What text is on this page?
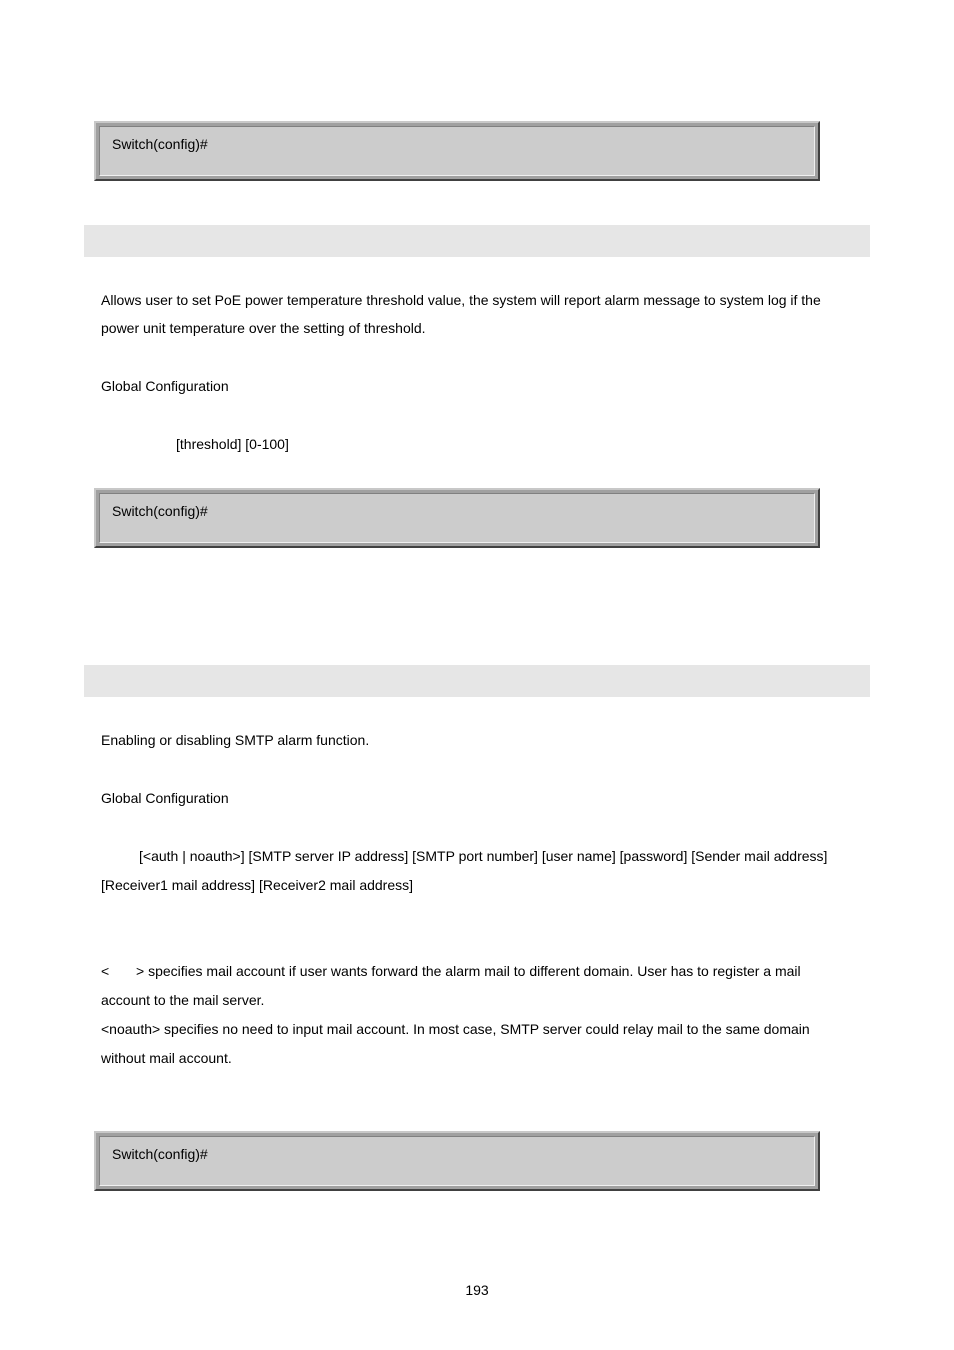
Switch(config)#
Allows user to set PoE power temperature threshold value, the system will report alarm message to system log if the
power unit temperature over the setting of threshold.
Global Configuration
[threshold] [0-100]
Switch(config)#
Enabling or disabling SMTP alarm function.
Global Configuration
[<auth | noauth>] [SMTP server IP address] [SMTP port number] [user name] [password] [Sender mail address]
[Receiver1 mail address] [Receiver2 mail address]
< > specifies mail account if user wants forward the alarm mail to different domain. User has to register a mail
account to the mail server.
<noauth> specifies no need to input mail account. In most case, SMTP server could relay mail to the same domain
without mail account.
Switch(config)#
193
